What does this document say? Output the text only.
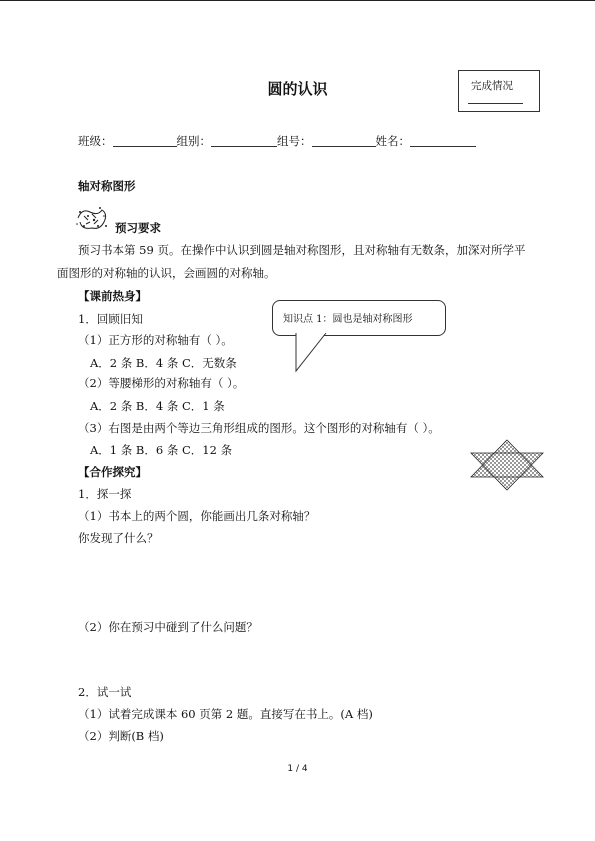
圆的认识	完成情况
班级：	组别：	组号：	姓名：
轴对称图形
预习要求
预习书本第 59 页。在操作中认识到圆是轴对称图形，且对称轴有无数条，加深对所学平
面图形的对称轴的认识，会画圆的对称轴。
【课前热身】
1．回顾旧知	知识点 1：圆也是轴对称图形
（1）正方形的对称轴有（ ）。
A．2 条 B．4 条 C．无数条
（2）等腰梯形的对称轴有（ ）。
A．2 条 B．4 条 C．1 条
（3）右图是由两个等边三角形组成的图形。这个图形的对称轴有（ ）。
A．1 条 B．6 条 C．12 条
【合作探究】
1．探一探
（1）书本上的两个圆，你能画出几条对称轴？
你发现了什么？
（2）你在预习中碰到了什么问题？
2．试一试
（1）试着完成课本 60 页第 2 题。直接写在书上。(A 档)
（2）判断(B 档)
1 / 4
